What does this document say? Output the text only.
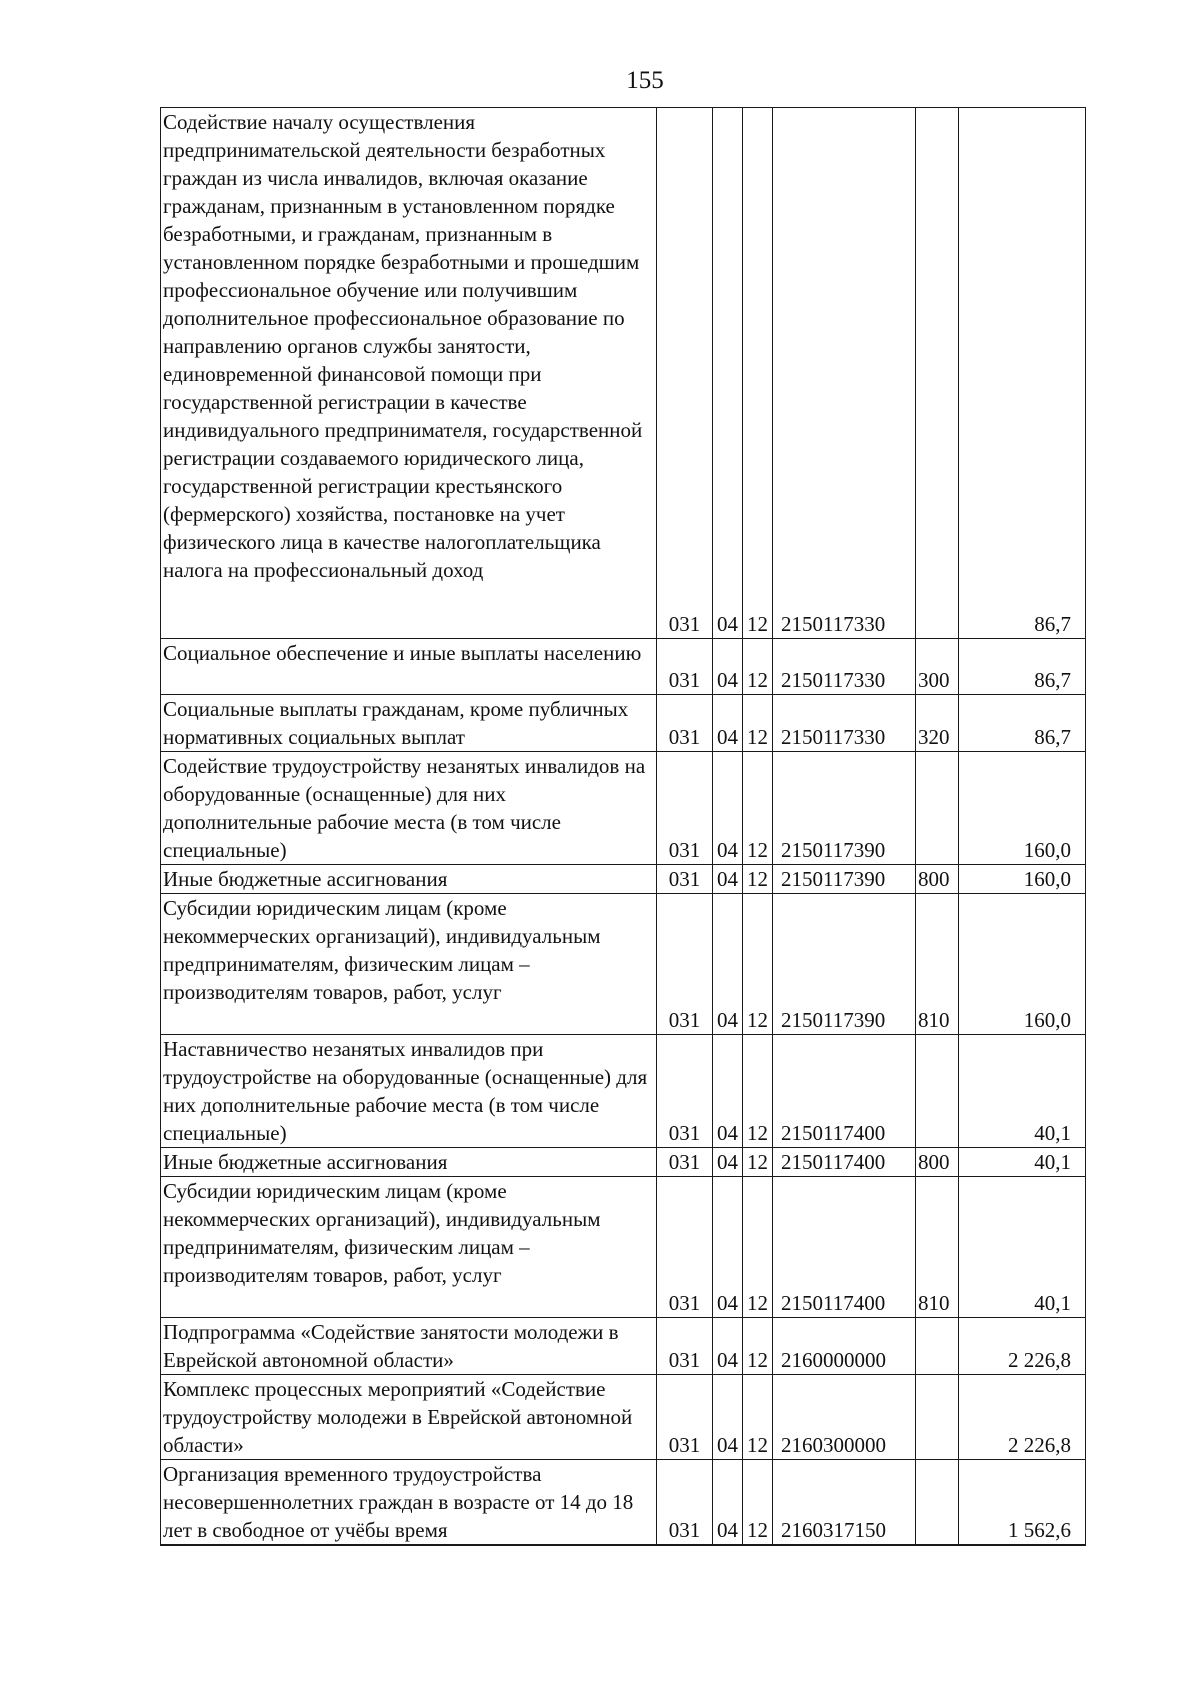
155
Содействие началу осуществления предпринимательской деятельности безработных граждан из числа инвалидов, включая оказание гражданам, признанным в установленном порядке безработными, и гражданам, признанным в установленном порядке безработными и прошедшим профессиональное обучение или получившим дополнительное профессиональное образование по направлению органов службы занятости, единовременной финансовой помощи при государственной регистрации в качестве индивидуального предпринимателя, государственной регистрации создаваемого юридического лица, государственной регистрации крестьянского (фермерского) хозяйства, постановке на учет физического лица в качестве налогоплательщика налога на профессиональный доход	031	04	12	2150117330		86,7
Социальное обеспечение и иные выплаты населению	031	04	12	2150117330	300	86,7
Социальные выплаты гражданам, кроме публичных нормативных социальных выплат	031	04	12	2150117330	320	86,7
Содействие трудоустройству незанятых инвалидов на оборудованные (оснащенные) для них дополнительные рабочие места (в том числе специальные)	031	04	12	2150117390		160,0
Иные бюджетные ассигнования	031	04	12	2150117390	800	160,0
Субсидии юридическим лицам (кроме некоммерческих организаций), индивидуальным предпринимателям, физическим лицам – производителям товаров, работ, услуг	031	04	12	2150117390	810	160,0
Наставничество незанятых инвалидов при трудоустройстве на оборудованные (оснащенные) для них дополнительные рабочие места (в том числе специальные)	031	04	12	2150117400		40,1
Иные бюджетные ассигнования	031	04	12	2150117400	800	40,1
Субсидии юридическим лицам (кроме некоммерческих организаций), индивидуальным предпринимателям, физическим лицам – производителям товаров, работ, услуг	031	04	12	2150117400	810	40,1
Подпрограмма «Содействие занятости молодежи в Еврейской автономной области»	031	04	12	2160000000		2 226,8
Комплекс процессных мероприятий «Содействие трудоустройству молодежи в Еврейской автономной области»	031	04	12	2160300000		2 226,8
Организация временного трудоустройства несовершеннолетних граждан в возрасте от 14 до 18 лет в свободное от учёбы время	031	04	12	2160317150		1 562,6
